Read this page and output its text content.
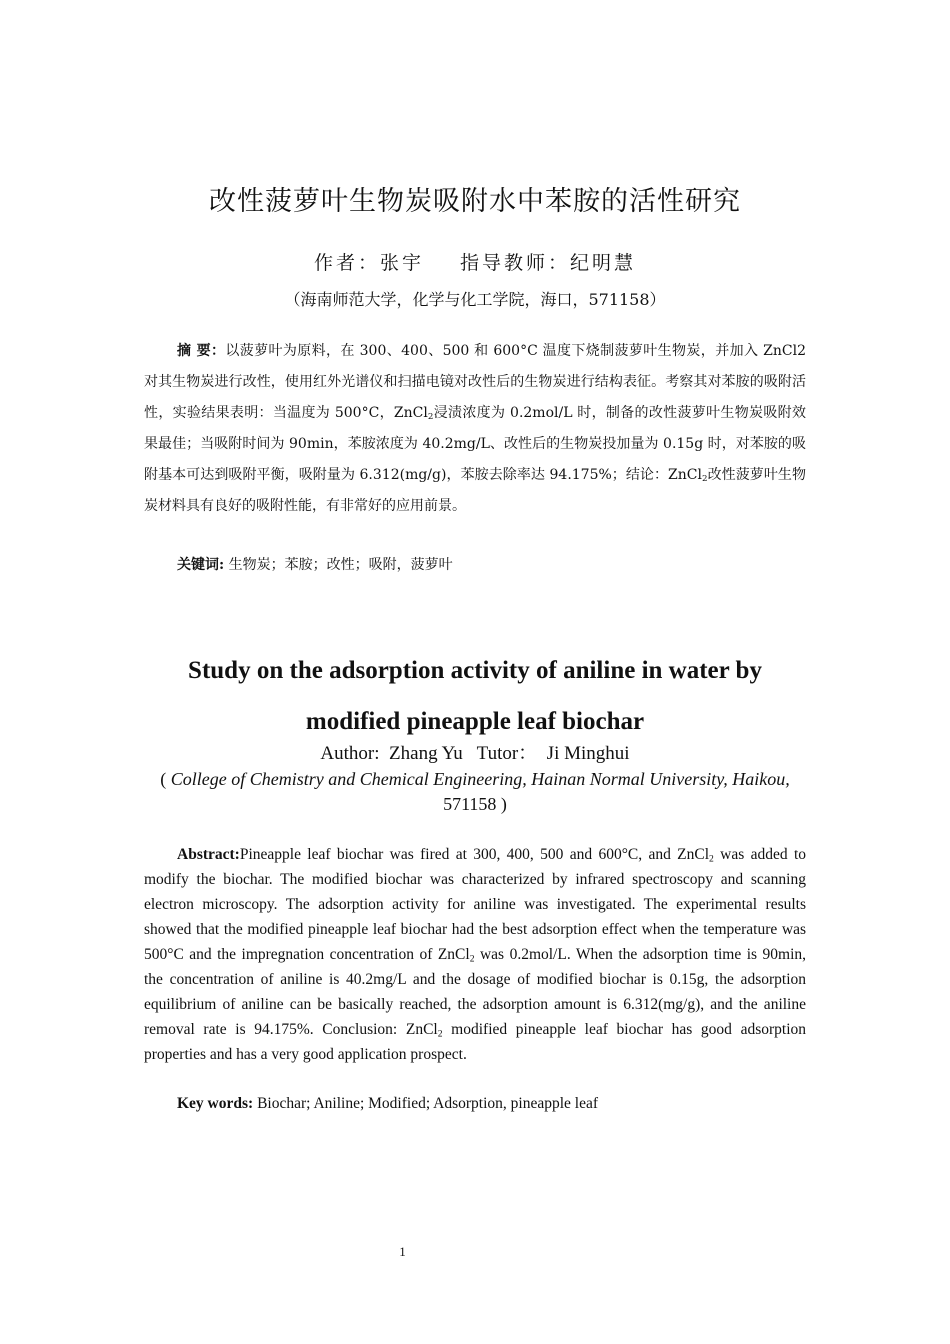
改性菠萝叶生物炭吸附水中苯胺的活性研究
作者：张宇 指导教师：纪明慧
（海南师范大学，化学与化工学院，海口，571158）

摘 要：以菠萝叶为原料，在 300、400、500 和 600°C 温度下烧制菠萝叶生物炭，并加入 ZnCl2 对其生物炭进行改性，使用红外光谱仪和扫描电镜对改性后的生物炭进行结构表征。考察其对苯胺的吸附活性，实验结果表明：当温度为 500°C，ZnCl$_2$浸渍浓度为 0.2mol/L 时，制备的改性菠萝叶生物炭吸附效果最佳；当吸附时间为 90min，苯胺浓度为 40.2mg/L、改性后的生物炭投加量为 0.15g 时，对苯胺的吸附基本可达到吸附平衡，吸附量为 6.312(mg/g)，苯胺去除率达 94.175%；结论：ZnCl$_2$改性菠萝叶生物炭材料具有良好的吸附性能，有非常好的应用前景。

关键词: 生物炭；苯胺；改性；吸附，菠萝叶

Study on the adsorption activity of aniline in water by
modified pineapple leaf biochar
Author:  Zhang Yu   Tutor：  Ji Minghui
( College of Chemistry and Chemical Engineering, Hainan Normal University, Haikou, 571158 )

Abstract:Pineapple leaf biochar was fired at 300, 400, 500 and 600°C, and ZnCl$_2$ was added to modify the biochar. The modified biochar was characterized by infrared spectroscopy and scanning electron microscopy. The adsorption activity for aniline was investigated. The experimental results showed that the modified pineapple leaf biochar had the best adsorption effect when the temperature was 500°C and the impregnation concentration of ZnCl$_2$ was 0.2mol/L. When the adsorption time is 90min, the concentration of aniline is 40.2mg/L and the dosage of modified biochar is 0.15g, the adsorption equilibrium of aniline can be basically reached, the adsorption amount is 6.312(mg/g), and the aniline removal rate is 94.175%. Conclusion: ZnCl$_2$ modified pineapple leaf biochar has good adsorption properties and has a very good application prospect.

Key words: Biochar; Aniline; Modified; Adsorption, pineapple leaf

1
